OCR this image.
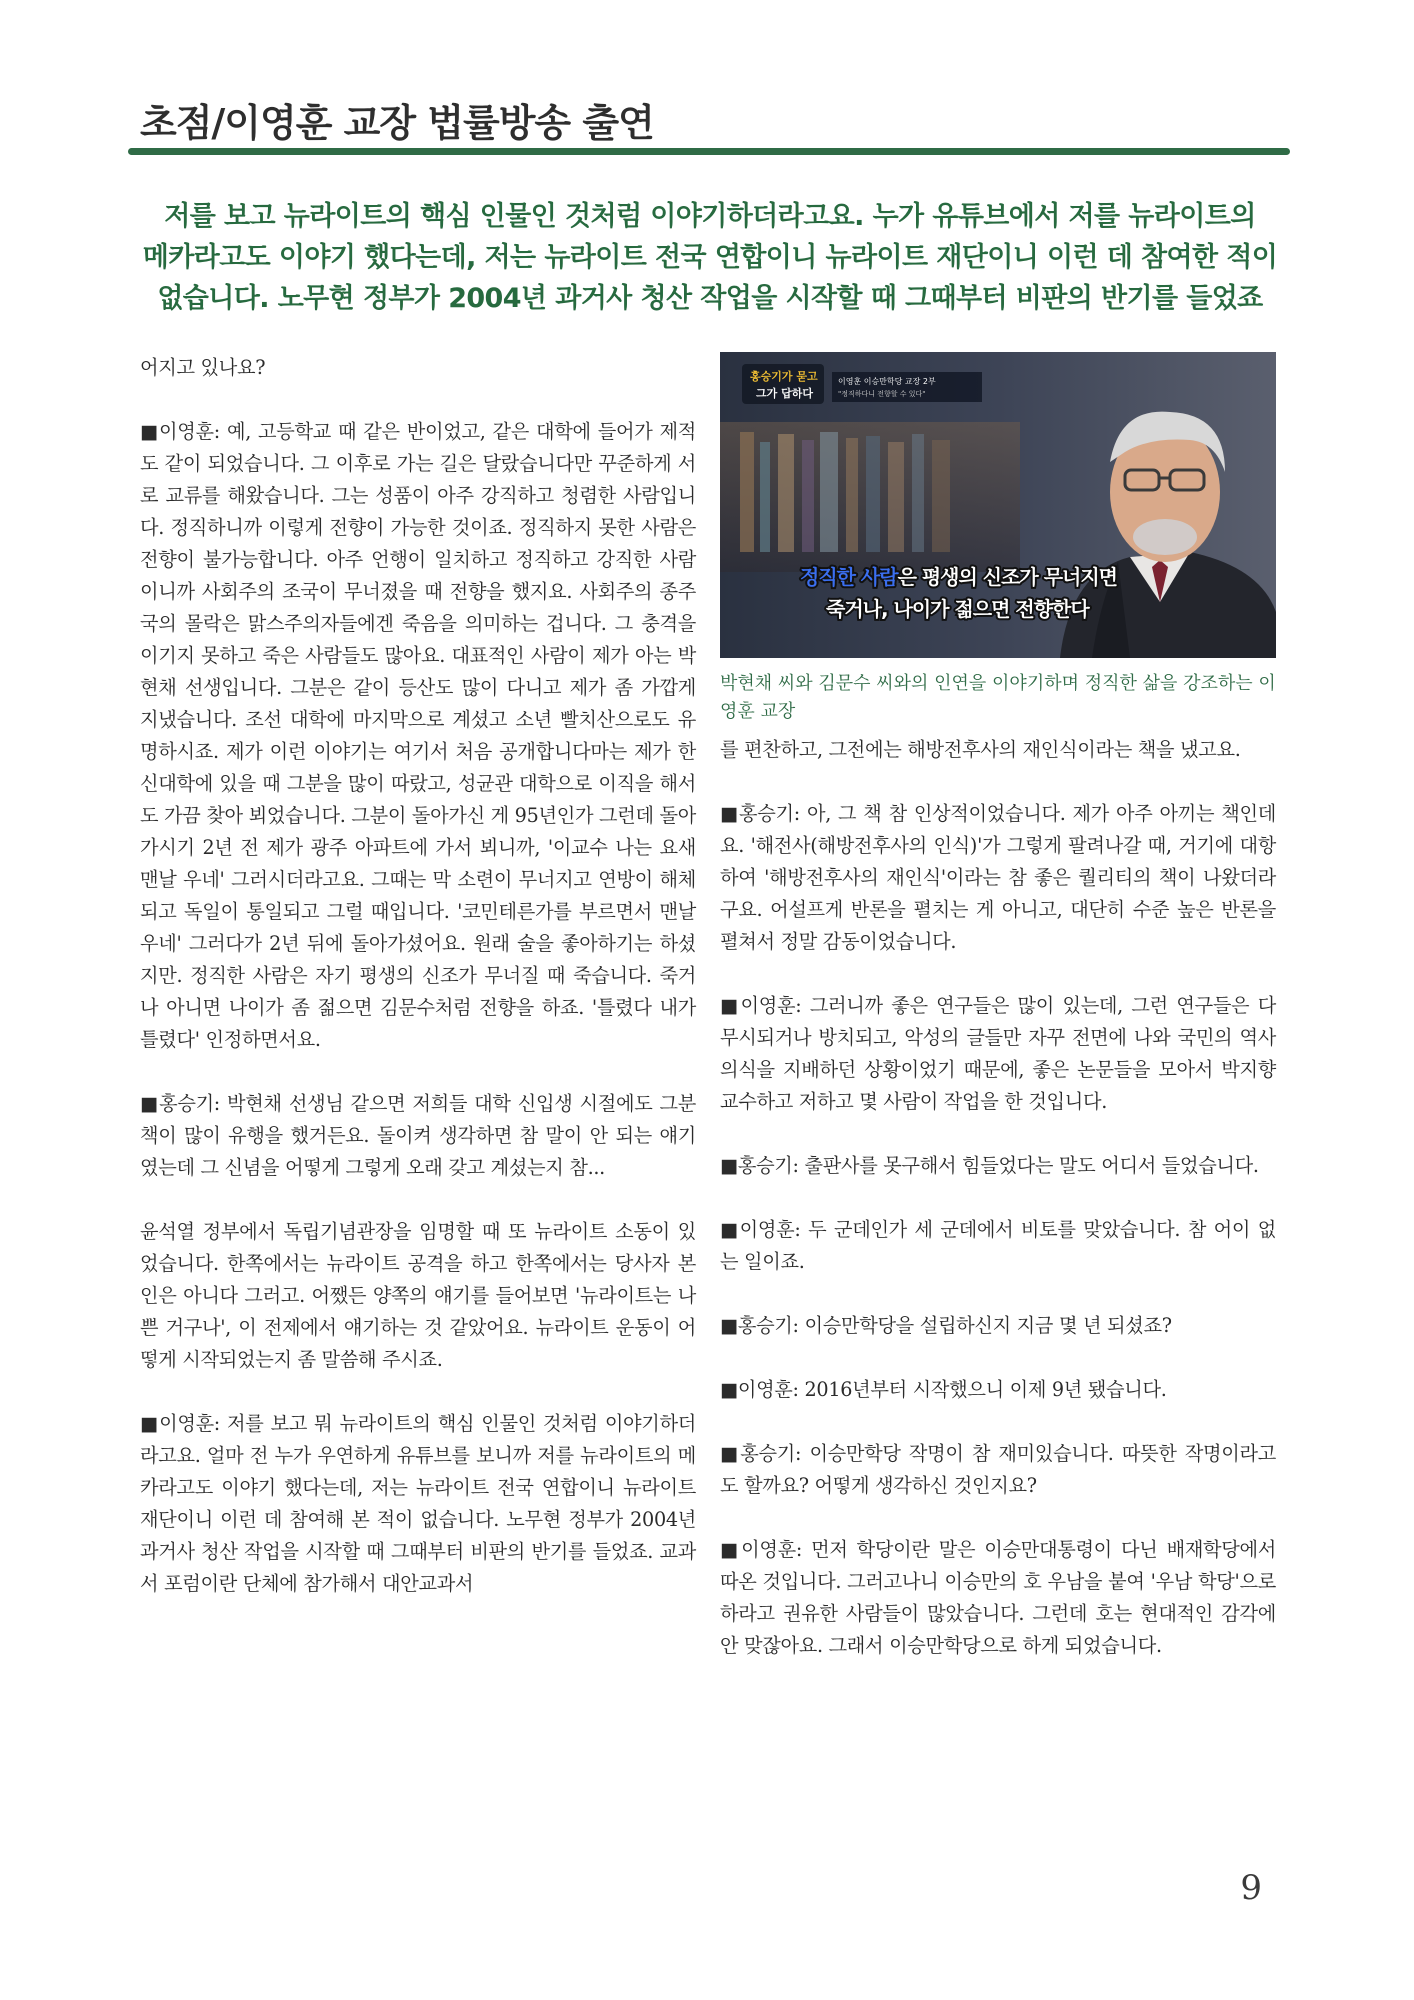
초점/이영훈 교장 법률방송 출연
저를 보고 뉴라이트의 핵심 인물인 것처럼 이야기하더라고요. 누가 유튜브에서 저를 뉴라이트의
메카라고도 이야기 했다는데, 저는 뉴라이트 전국 연합이니 뉴라이트 재단이니 이런 데 참여한 적이
없습니다. 노무현 정부가 2004년 과거사 청산 작업을 시작할 때 그때부터 비판의 반기를 들었죠

어지고 있나요?

■이영훈: 예, 고등학교 때 같은 반이었고, 같은 대학에 들어가 제적도 같이 되었습니다. 그 이후로 가는 길은 달랐습니다만 꾸준하게 서로 교류를 해왔습니다. 그는 성품이 아주 강직하고 청렴한 사람입니다. 정직하니까 이렇게 전향이 가능한 것이죠. 정직하지 못한 사람은 전향이 불가능합니다. 아주 언행이 일치하고 정직하고 강직한 사람이니까 사회주의 조국이 무너졌을 때 전향을 했지요. 사회주의 종주국의 몰락은 맑스주의자들에겐 죽음을 의미하는 겁니다. 그 충격을 이기지 못하고 죽은 사람들도 많아요. 대표적인 사람이 제가 아는 박현채 선생입니다. 그분은 같이 등산도 많이 다니고 제가 좀 가깝게 지냈습니다. 조선 대학에 마지막으로 계셨고 소년 빨치산으로도 유명하시죠. 제가 이런 이야기는 여기서 처음 공개합니다마는 제가 한신대학에 있을 때 그분을 많이 따랐고, 성균관 대학으로 이직을 해서도 가끔 찾아 뵈었습니다. 그분이 돌아가신 게 95년인가 그런데 돌아가시기 2년 전 제가 광주 아파트에 가서 뵈니까, '이교수 나는 요새 맨날 우네' 그러시더라고요. 그때는 막 소련이 무너지고 연방이 해체되고 독일이 통일되고 그럴 때입니다. '코민테른가를 부르면서 맨날 우네' 그러다가 2년 뒤에 돌아가셨어요. 원래 술을 좋아하기는 하셨지만. 정직한 사람은 자기 평생의 신조가 무너질 때 죽습니다. 죽거나 아니면 나이가 좀 젊으면 김문수처럼 전향을 하죠. '틀렸다 내가 틀렸다' 인정하면서요.

■홍승기: 박현채 선생님 같으면 저희들 대학 신입생 시절에도 그분 책이 많이 유행을 했거든요. 돌이켜 생각하면 참 말이 안 되는 얘기였는데 그 신념을 어떻게 그렇게 오래 갖고 계셨는지 참...

윤석열 정부에서 독립기념관장을 임명할 때 또 뉴라이트 소동이 있었습니다. 한쪽에서는 뉴라이트 공격을 하고 한쪽에서는 당사자 본인은 아니다 그러고. 어쨌든 양쪽의 얘기를 들어보면 '뉴라이트는 나쁜 거구나', 이 전제에서 얘기하는 것 같았어요. 뉴라이트 운동이 어떻게 시작되었는지 좀 말씀해 주시죠.

■이영훈: 저를 보고 뭐 뉴라이트의 핵심 인물인 것처럼 이야기하더라고요. 얼마 전 누가 우연하게 유튜브를 보니까 저를 뉴라이트의 메카라고도 이야기 했다는데, 저는 뉴라이트 전국 연합이니 뉴라이트 재단이니 이런 데 참여해 본 적이 없습니다. 노무현 정부가 2004년 과거사 청산 작업을 시작할 때 그때부터 비판의 반기를 들었죠. 교과서 포럼이란 단체에 참가해서 대안교과서

홍승기가 묻고
그가 답하다
이영훈 이승만학당 교장 2부
"정직하다니 전향할 수 있다"
정직한 사람은 평생의 신조가 무너지면
죽거나, 나이가 젊으면 전향한다

박현채 씨와 김문수 씨와의 인연을 이야기하며 정직한 삶을 강조하는 이영훈 교장

를 편찬하고, 그전에는 해방전후사의 재인식이라는 책을 냈고요.

■홍승기: 아, 그 책 참 인상적이었습니다. 제가 아주 아끼는 책인데요. '해전사(해방전후사의 인식)'가 그렇게 팔려나갈 때, 거기에 대항하여 '해방전후사의 재인식'이라는 참 좋은 퀄리티의 책이 나왔더라구요. 어설프게 반론을 펼치는 게 아니고, 대단히 수준 높은 반론을 펼쳐서 정말 감동이었습니다.

■이영훈: 그러니까 좋은 연구들은 많이 있는데, 그런 연구들은 다 무시되거나 방치되고, 악성의 글들만 자꾸 전면에 나와 국민의 역사 의식을 지배하던 상황이었기 때문에, 좋은 논문들을 모아서 박지향 교수하고 저하고 몇 사람이 작업을 한 것입니다.

■홍승기: 출판사를 못구해서 힘들었다는 말도 어디서 들었습니다.

■이영훈: 두 군데인가 세 군데에서 비토를 맞았습니다. 참 어이 없는 일이죠.

■홍승기: 이승만학당을 설립하신지 지금 몇 년 되셨죠?

■이영훈: 2016년부터 시작했으니 이제 9년 됐습니다.

■홍승기: 이승만학당 작명이 참 재미있습니다. 따뜻한 작명이라고도 할까요? 어떻게 생각하신 것인지요?

■이영훈: 먼저 학당이란 말은 이승만대통령이 다닌 배재학당에서 따온 것입니다. 그러고나니 이승만의 호 우남을 붙여 '우남 학당'으로 하라고 권유한 사람들이 많았습니다. 그런데 호는 현대적인 감각에 안 맞잖아요. 그래서 이승만학당으로 하게 되었습니다.

9
